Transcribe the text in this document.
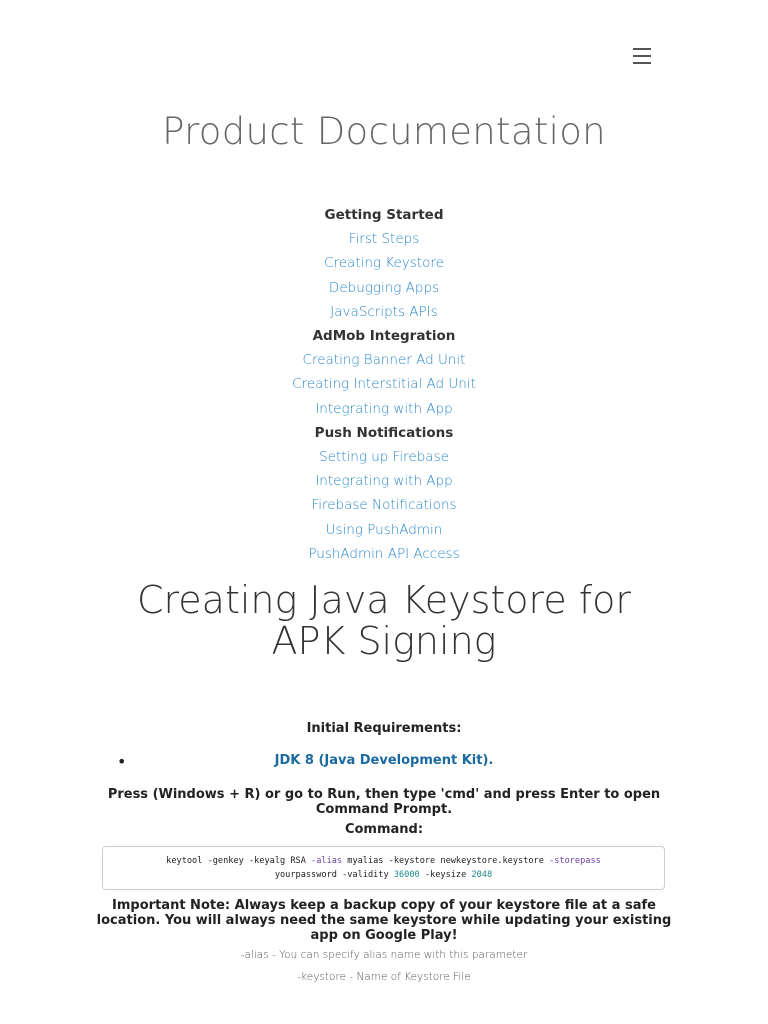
Product Documentation
Getting Started
First Steps
Creating Keystore
Debugging Apps
JavaScripts APIs
AdMob Integration
Creating Banner Ad Unit
Creating Interstitial Ad Unit
Integrating with App
Push Notifications
Setting up Firebase
Integrating with App
Firebase Notifications
Using PushAdmin
PushAdmin API Access
Creating Java Keystore for
APK Signing

Initial Requirements:

•	JDK 8 (Java Development Kit).

Press (Windows + R) or go to Run, then type 'cmd' and press Enter to open Command Prompt.

Command:

keytool -genkey -keyalg RSA -alias myalias -keystore newkeystore.keystore -storepass
yourpassword -validity 36000 -keysize 2048

Important Note: Always keep a backup copy of your keystore file at a safe location. You will always need the same keystore while updating your existing app on Google Play!

-alias - You can specify alias name with this parameter

-keystore - Name of Keystore File
